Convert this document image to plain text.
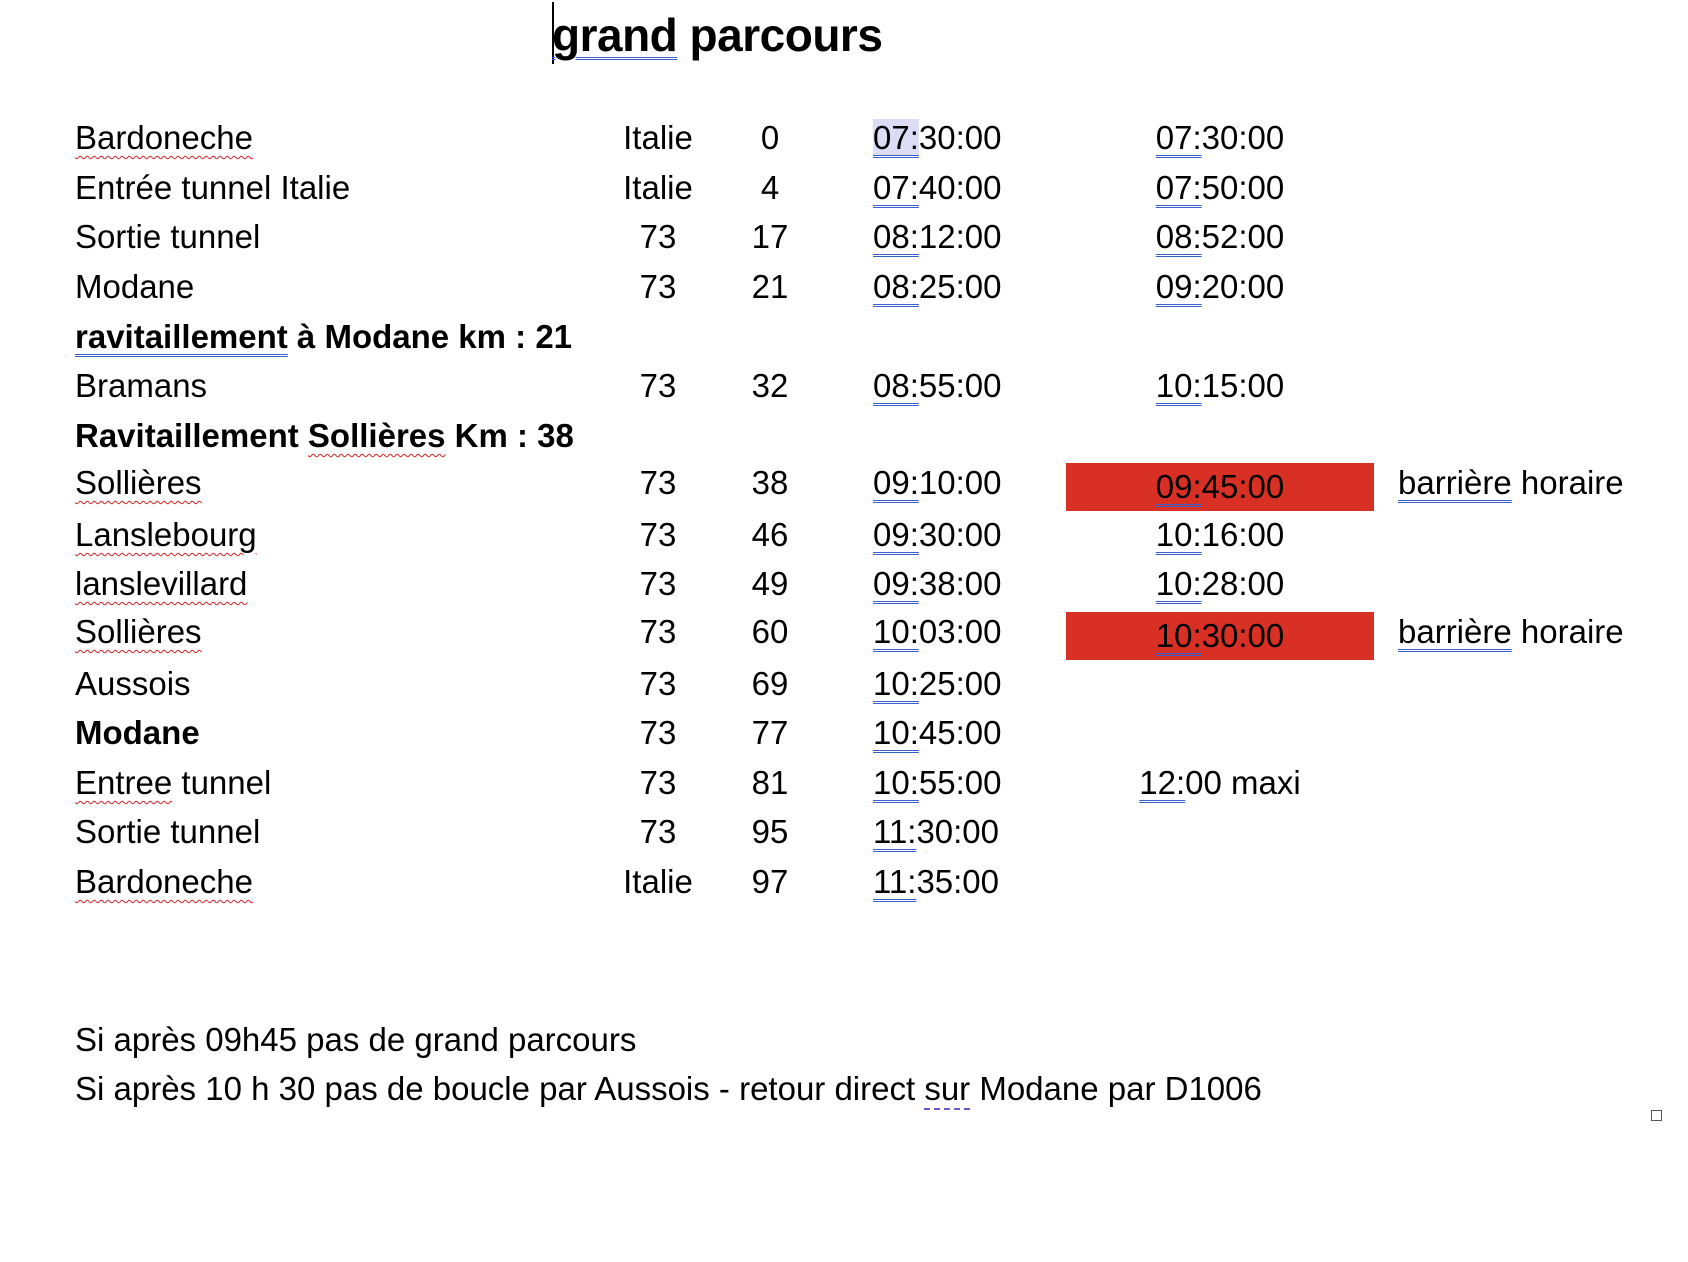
grand parcours
Bardoneche	Italie	0	07:30:00	07:30:00
Entrée tunnel Italie	Italie	4	07:40:00	07:50:00
Sortie tunnel	73	17	08:12:00	08:52:00
Modane	73	21	08:25:00	09:20:00
ravitaillement à Modane km : 21
Bramans	73	32	08:55:00	10:15:00
Ravitaillement Sollières Km : 38
Sollières	73	38	09:10:00	09:45:00	barrière horaire
Lanslebourg	73	46	09:30:00	10:16:00
lanslevillard	73	49	09:38:00	10:28:00
Sollières	73	60	10:03:00	10:30:00	barrière horaire
Aussois	73	69	10:25:00
Modane	73	77	10:45:00
Entree tunnel	73	81	10:55:00	12:00 maxi
Sortie tunnel	73	95	11:30:00
Bardoneche	Italie	97	11:35:00
Si après 09h45 pas de grand parcours
Si après 10 h 30 pas de boucle par Aussois - retour direct sur Modane par D1006
